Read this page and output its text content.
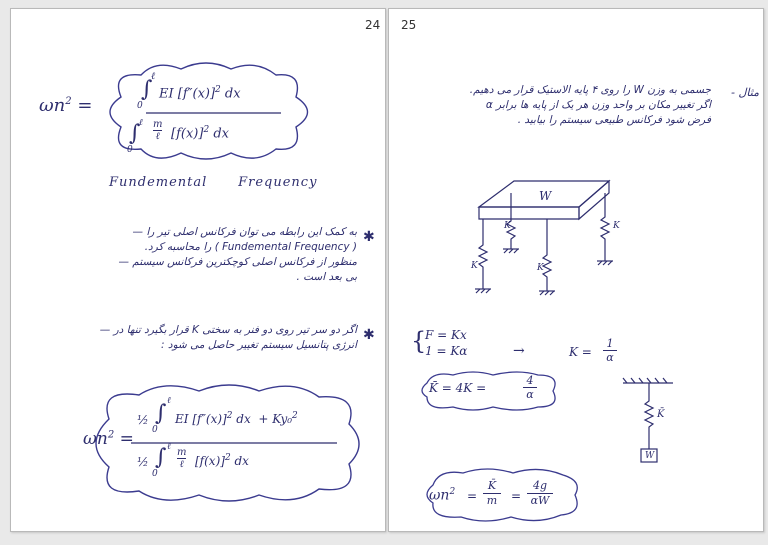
24
$\omega n^2$ =
ℓ
∫
0
EI $[f''(x)]^2$ dx
ℓ
∫
0
m
ℓ $[f(x)]^2$ dx
Fundemental      Frequency
✱
به کمک این رابطه می توان فرکانس اصلی تیر را —
( Fundemental Frequency ) را محاسبه کرد.
منظور از فرکانس اصلی کوچکترین فرکانس سیستم —
بی بعد است .
✱
اگر دو سر تیر روی دو فنر به سختی K قرار بگیرد تنها در —
انرژی پتانسیل سیستم تغییر حاصل می شود :
$\omega n^2$ =
½
ℓ
∫
0
EI $[f''(x)]^2$ dx + Ky₀$^2$
½
ℓ
∫
0
m
ℓ $[f(x)]^2$ dx
25
مثال -
جسمی به وزن W را روی ۴ پایه الاستیک قرار می دهیم.
اگر تغییر مکان بر واحد وزن هر یک از پایه ها برابر α
فرض شود فرکانس طبیعی سیستم را بیابید .
W
K	K
K	K
{
F = Kx
1 = Kα	→	$K = \frac{1}{\alpha}$
K̄ = 4K =	$\frac{4}{\alpha}$
K̄
W
$\omega n^2 = \frac{K̄}{m} = \frac{4g}{\alpha W}$
